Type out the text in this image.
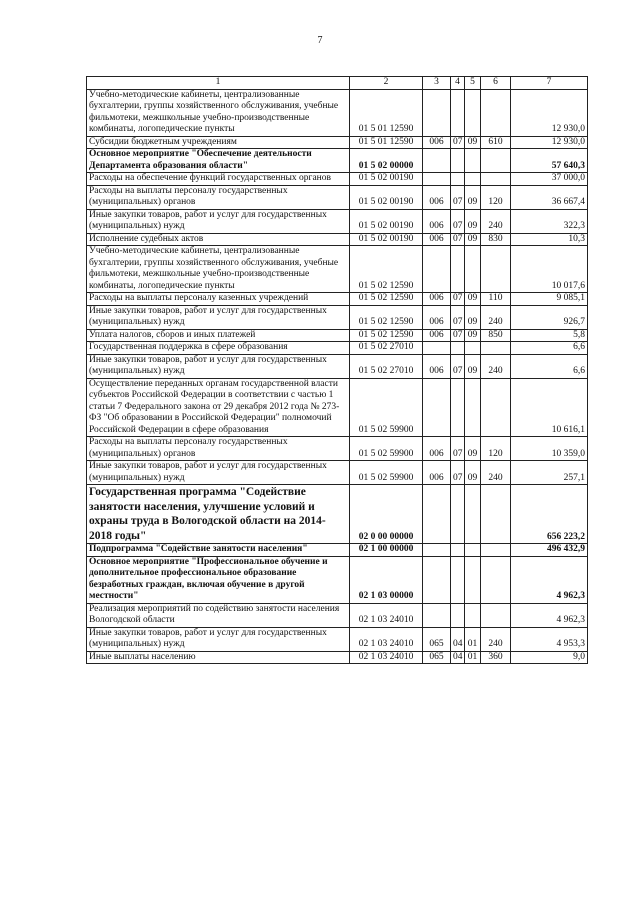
7
1	2	3	4	5	6	7
Учебно-методические кабинеты, централизованные бухгалтерии, группы хозяйственного обслуживания, учебные фильмотеки, межшкольные учебно-производственные комбинаты, логопедические пункты	01 5 01 12590					12 930,0
Субсидии бюджетным учреждениям	01 5 01 12590	006	07	09	610	12 930,0
Основное мероприятие "Обеспечение деятельности Департамента образования области"	01 5 02 00000					57 640,3
Расходы на обеспечение функций государственных органов	01 5 02 00190					37 000,0
Расходы на выплаты персоналу государственных (муниципальных) органов	01 5 02 00190	006	07	09	120	36 667,4
Иные закупки товаров, работ и услуг для государственных (муниципальных) нужд	01 5 02 00190	006	07	09	240	322,3
Исполнение судебных актов	01 5 02 00190	006	07	09	830	10,3
Учебно-методические кабинеты, централизованные бухгалтерии, группы хозяйственного обслуживания, учебные фильмотеки, межшкольные учебно-производственные комбинаты, логопедические пункты	01 5 02 12590					10 017,6
Расходы на выплаты персоналу казенных учреждений	01 5 02 12590	006	07	09	110	9 085,1
Иные закупки товаров, работ и услуг для государственных (муниципальных) нужд	01 5 02 12590	006	07	09	240	926,7
Уплата налогов, сборов и иных платежей	01 5 02 12590	006	07	09	850	5,8
Государственная поддержка в сфере образования	01 5 02 27010					6,6
Иные закупки товаров, работ и услуг для государственных (муниципальных) нужд	01 5 02 27010	006	07	09	240	6,6
Осуществление переданных органам государственной власти субъектов Российской Федерации в соответствии с частью 1 статьи 7 Федерального закона от 29 декабря 2012 года № 273-ФЗ "Об образовании в Российской Федерации" полномочий Российской Федерации в сфере образования	01 5 02 59900					10 616,1
Расходы на выплаты персоналу государственных (муниципальных) органов	01 5 02 59900	006	07	09	120	10 359,0
Иные закупки товаров, работ и услуг для государственных (муниципальных) нужд	01 5 02 59900	006	07	09	240	257,1
Государственная программа "Содействие занятости населения, улучшение условий и охраны труда в Вологодской области на 2014-2018 годы"	02 0 00 00000					656 223,2
Подпрограмма "Содействие занятости населения"	02 1 00 00000					496 432,9
Основное мероприятие "Профессиональное обучение и дополнительное профессиональное образование безработных граждан, включая обучение в другой местности"	02 1 03 00000					4 962,3
Реализация мероприятий по содействию занятости населения Вологодской области	02 1 03 24010					4 962,3
Иные закупки товаров, работ и услуг для государственных (муниципальных) нужд	02 1 03 24010	065	04	01	240	4 953,3
Иные выплаты населению	02 1 03 24010	065	04	01	360	9,0
